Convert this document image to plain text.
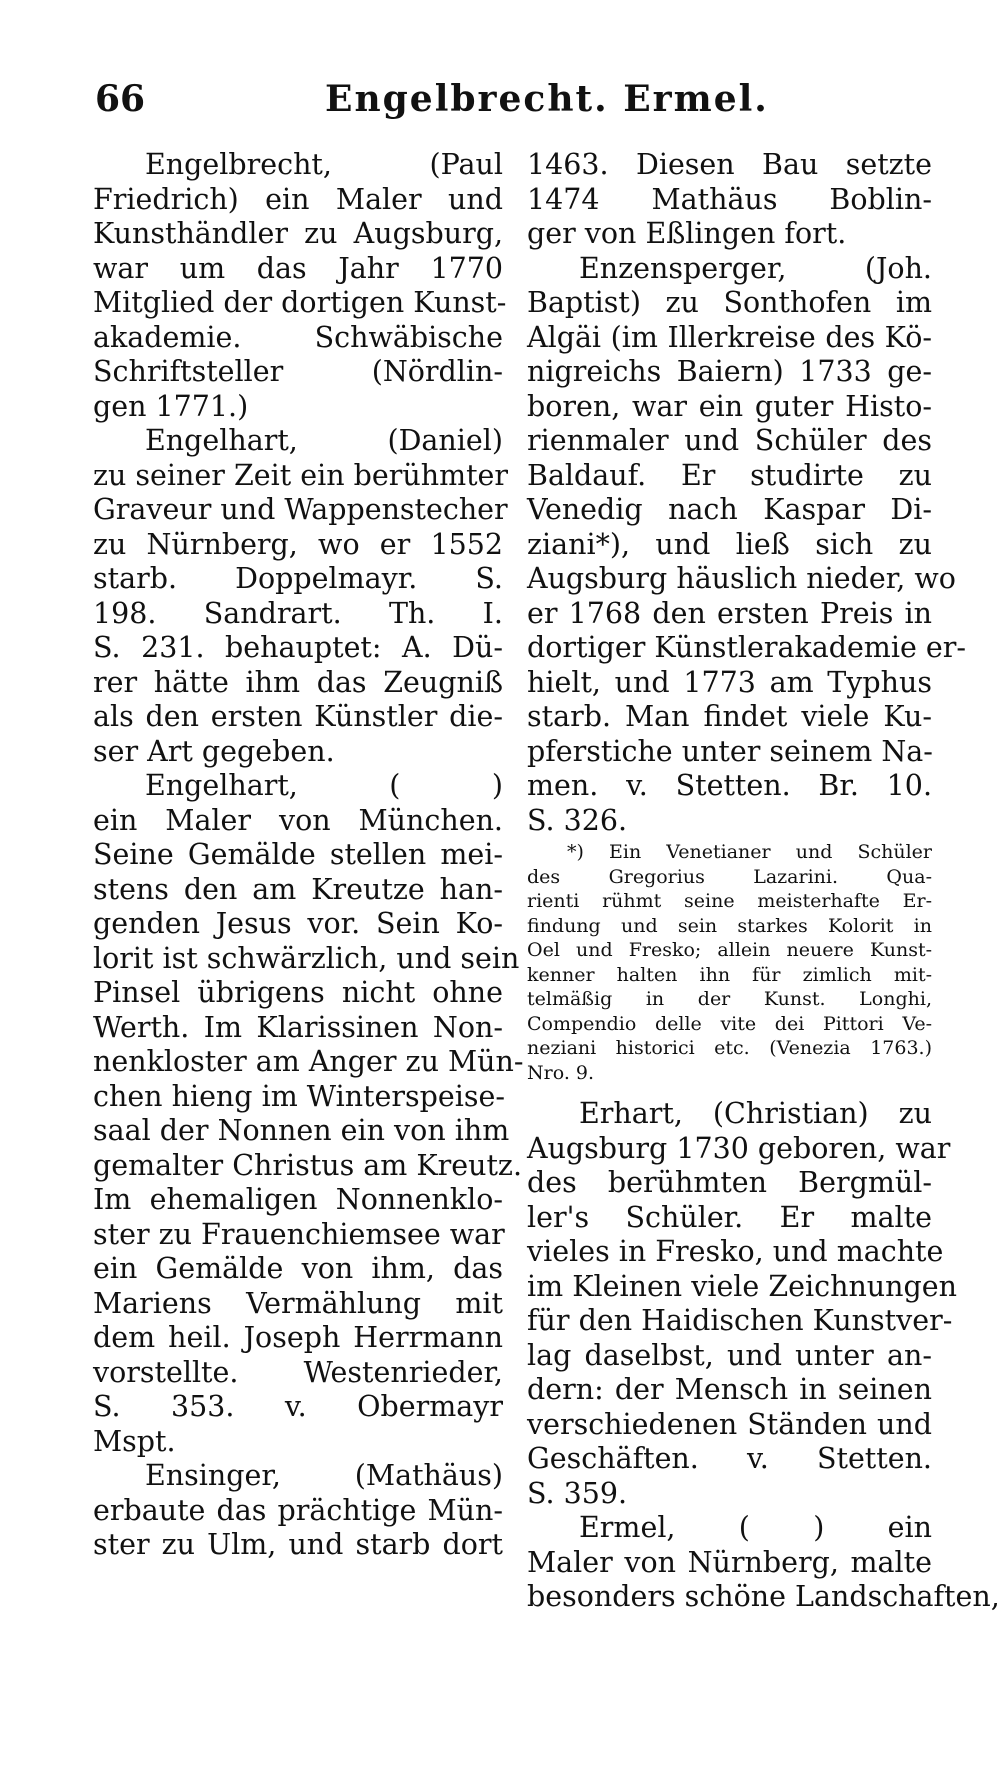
66	Engelbrecht. Ermel.
Engelbrecht, (Paul
Friedrich) ein Maler und
Kunsthändler zu Augsburg,
war um das Jahr 1770
Mitglied der dortigen Kunst-
akademie. Schwäbische
Schriftsteller (Nördlin-
gen 1771.)
Engelhart, (Daniel)
zu seiner Zeit ein berühmter
Graveur und Wappenstecher
zu Nürnberg, wo er 1552
starb. Doppelmayr. S.
198. Sandrart. Th. I.
S. 231. behauptet: A. Dü-
rer hätte ihm das Zeugniß
als den ersten Künstler die-
ser Art gegeben.
Engelhart, ( )
ein Maler von München.
Seine Gemälde stellen mei-
stens den am Kreutze han-
genden Jesus vor. Sein Ko-
lorit ist schwärzlich, und sein
Pinsel übrigens nicht ohne
Werth. Im Klarissinen Non-
nenkloster am Anger zu Mün-
chen hieng im Winterspeise-
saal der Nonnen ein von ihm
gemalter Christus am Kreutz.
Im ehemaligen Nonnenklo-
ster zu Frauenchiemsee war
ein Gemälde von ihm, das
Mariens Vermählung mit
dem heil. Joseph Herrmann
vorstellte. Westenrieder,
S. 353. v. Obermayr
Mspt.
Ensinger, (Mathäus)
erbaute das prächtige Mün-
ster zu Ulm, und starb dort
1463. Diesen Bau setzte
1474 Mathäus Boblin-
ger von Eßlingen fort.
Enzensperger, (Joh.
Baptist) zu Sonthofen im
Algäi (im Illerkreise des Kö-
nigreichs Baiern) 1733 ge-
boren, war ein guter Histo-
rienmaler und Schüler des
Baldauf. Er studirte zu
Venedig nach Kaspar Di-
ziani*), und ließ sich zu
Augsburg häuslich nieder, wo
er 1768 den ersten Preis in
dortiger Künstlerakademie er-
hielt, und 1773 am Typhus
starb. Man findet viele Ku-
pferstiche unter seinem Na-
men. v. Stetten. Br. 10.
S. 326.
*) Ein Venetianer und Schüler
des Gregorius Lazarini. Qua-
rienti rühmt seine meisterhafte Er-
findung und sein starkes Kolorit in
Oel und Fresko; allein neuere Kunst-
kenner halten ihn für zimlich mit-
telmäßig in der Kunst. Longhi,
Compendio delle vite dei Pittori Ve-
neziani historici etc. (Venezia 1763.)
Nro. 9.
Erhart, (Christian) zu
Augsburg 1730 geboren, war
des berühmten Bergmül-
ler's Schüler. Er malte
vieles in Fresko, und machte
im Kleinen viele Zeichnungen
für den Haidischen Kunstver-
lag daselbst, und unter an-
dern: der Mensch in seinen
verschiedenen Ständen und
Geschäften. v. Stetten.
S. 359.
Ermel, ( ) ein
Maler von Nürnberg, malte
besonders schöne Landschaften,
